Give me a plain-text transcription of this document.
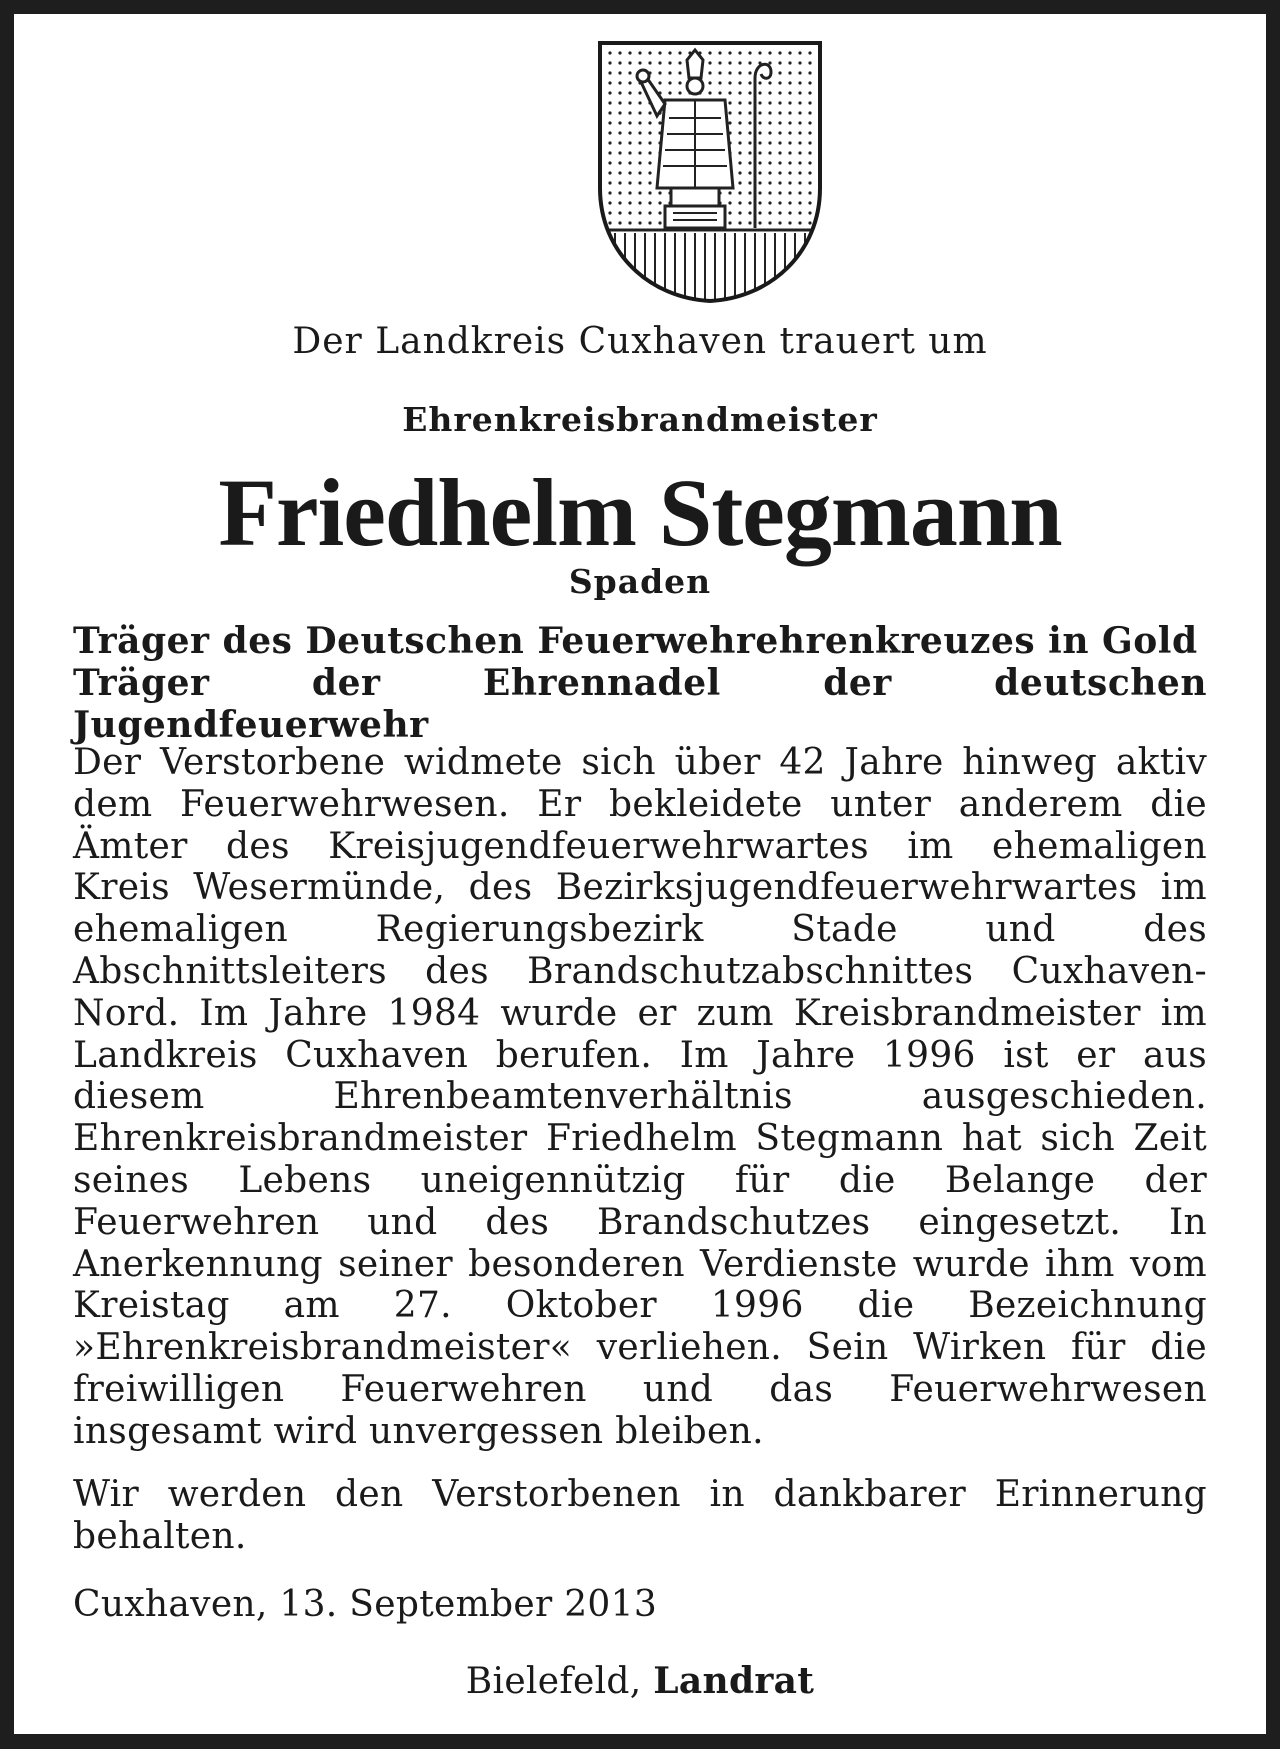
Der Landkreis Cuxhaven trauert um

Ehrenkreisbrandmeister

Friedhelm Stegmann

Spaden

Träger des Deutschen Feuerwehrehrenkreuzes in Gold
Träger der Ehrennadel der deutschen Jugendfeuerwehr

Der Verstorbene widmete sich über 42 Jahre hinweg aktiv dem Feuerwehrwesen. Er bekleidete unter anderem die Ämter des Kreisjugendfeuerwehrwartes im ehemaligen Kreis Wesermünde, des Bezirksjugendfeuerwehrwartes im ehemaligen Regierungsbezirk Stade und des Abschnittsleiters des Brandschutzabschnittes Cuxhaven-Nord. Im Jahre 1984 wurde er zum Kreisbrandmeister im Landkreis Cuxhaven berufen. Im Jahre 1996 ist er aus diesem Ehrenbeamtenverhältnis ausgeschieden. Ehrenkreisbrandmeister Friedhelm Stegmann hat sich Zeit seines Lebens uneigennützig für die Belange der Feuerwehren und des Brandschutzes eingesetzt. In Anerkennung seiner besonderen Verdienste wurde ihm vom Kreistag am 27. Oktober 1996 die Bezeichnung »Ehrenkreisbrandmeister« verliehen. Sein Wirken für die freiwilligen Feuerwehren und das Feuerwehrwesen insgesamt wird unvergessen bleiben.

Wir werden den Verstorbenen in dankbarer Erinnerung behalten.

Cuxhaven, 13. September 2013

Bielefeld, Landrat
